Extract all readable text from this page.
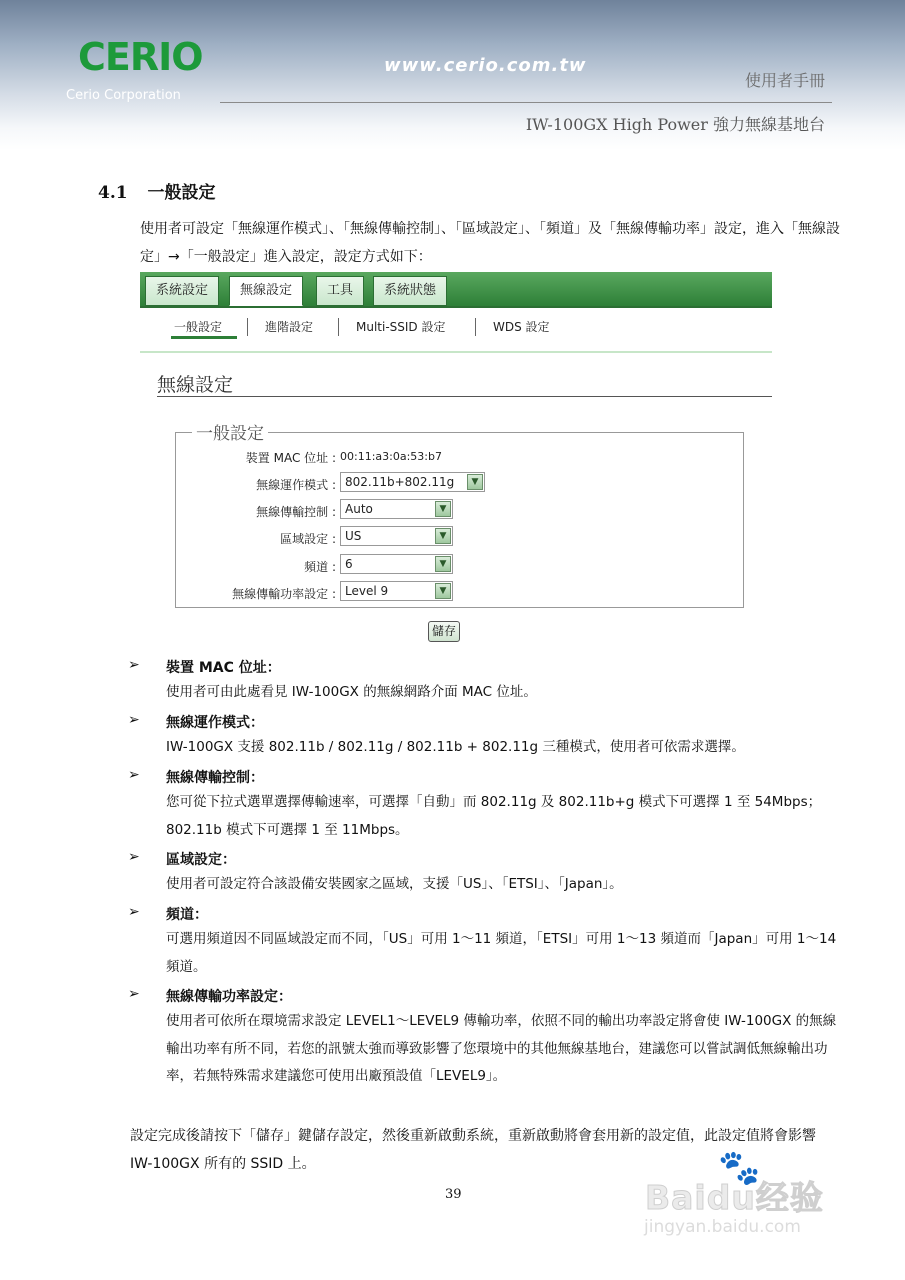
CERIO
Cerio Corporation
www.cerio.com.tw
使用者手冊
IW-100GX High Power 強力無線基地台
4.1 一般設定
使用者可設定「無線運作模式」、「無線傳輸控制」、「區域設定」、「頻道」及「無線傳輸功率」設定，進入「無線設定」→「一般設定」進入設定，設定方式如下：
系統設定	無線設定	工具	系統狀態
一般設定	進階設定	Multi-SSID 設定	WDS 設定
無線設定
一般設定
裝置 MAC 位址 : 00:11:a3:0a:53:b7
無線運作模式 : 802.11b+802.11g	▼
無線傳輸控制 : Auto	▼
區域設定 : US	▼
頻道 : 6	▼
無線傳輸功率設定 : Level 9	▼
儲存
➢ 裝置 MAC 位址：
使用者可由此處看見 IW-100GX 的無線網路介面 MAC 位址。
➢ 無線運作模式：
IW-100GX 支援 802.11b / 802.11g / 802.11b + 802.11g 三種模式，使用者可依需求選擇。
➢ 無線傳輸控制：
您可從下拉式選單選擇傳輸速率，可選擇「自動」而 802.11g 及 802.11b+g 模式下可選擇 1 至 54Mbps；802.11b 模式下可選擇 1 至 11Mbps。
➢ 區域設定：
使用者可設定符合該設備安裝國家之區域，支援「US」、「ETSI」、「Japan」。
➢ 頻道：
可選用頻道因不同區域設定而不同，「US」可用 1～11 頻道，「ETSI」可用 1～13 頻道而「Japan」可用 1～14 頻道。
➢ 無線傳輸功率設定：
使用者可依所在環境需求設定 LEVEL1～LEVEL9 傳輸功率，依照不同的輸出功率設定將會使 IW-100GX 的無線輸出功率有所不同，若您的訊號太強而導致影響了您環境中的其他無線基地台，建議您可以嘗試調低無線輸出功率，若無特殊需求建議您可使用出廠預設值「LEVEL9」。
設定完成後請按下「儲存」鍵儲存設定，然後重新啟動系統，重新啟動將會套用新的設定值，此設定值將會影響 IW-100GX 所有的 SSID 上。
39
🐾
Baidu经验
jingyan.baidu.com
